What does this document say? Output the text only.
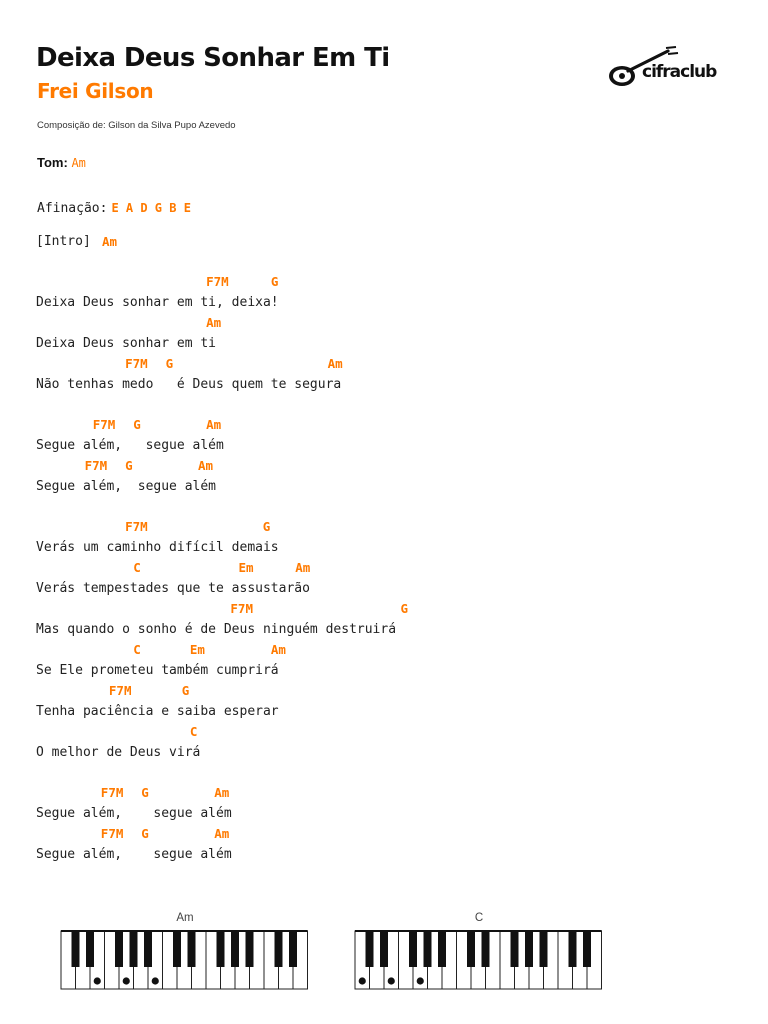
Deixa Deus Sonhar Em Ti
Frei Gilson
Composição de: Gilson da Silva Pupo Azevedo
cifraclub
Tom: Am
Afinação: E A D G B E
[Intro] Am
F7M	G
Deixa Deus sonhar em ti, deixa!
Am
Deixa Deus sonhar em ti
F7M G	Am
Não tenhas medo   é Deus quem te segura
F7M G	Am
Segue além,   segue além
F7M G	Am
Segue além,  segue além
F7M	G
Verás um caminho difícil demais
C	Em	Am
Verás tempestades que te assustarão
F7M	G
Mas quando o sonho é de Deus ninguém destruirá
C	Em	Am
Se Ele prometeu também cumprirá
F7M	G
Tenha paciência e saiba esperar
C
O melhor de Deus virá
F7M G	Am
Segue além,    segue além
F7M G	Am
Segue além,    segue além
Am	C
